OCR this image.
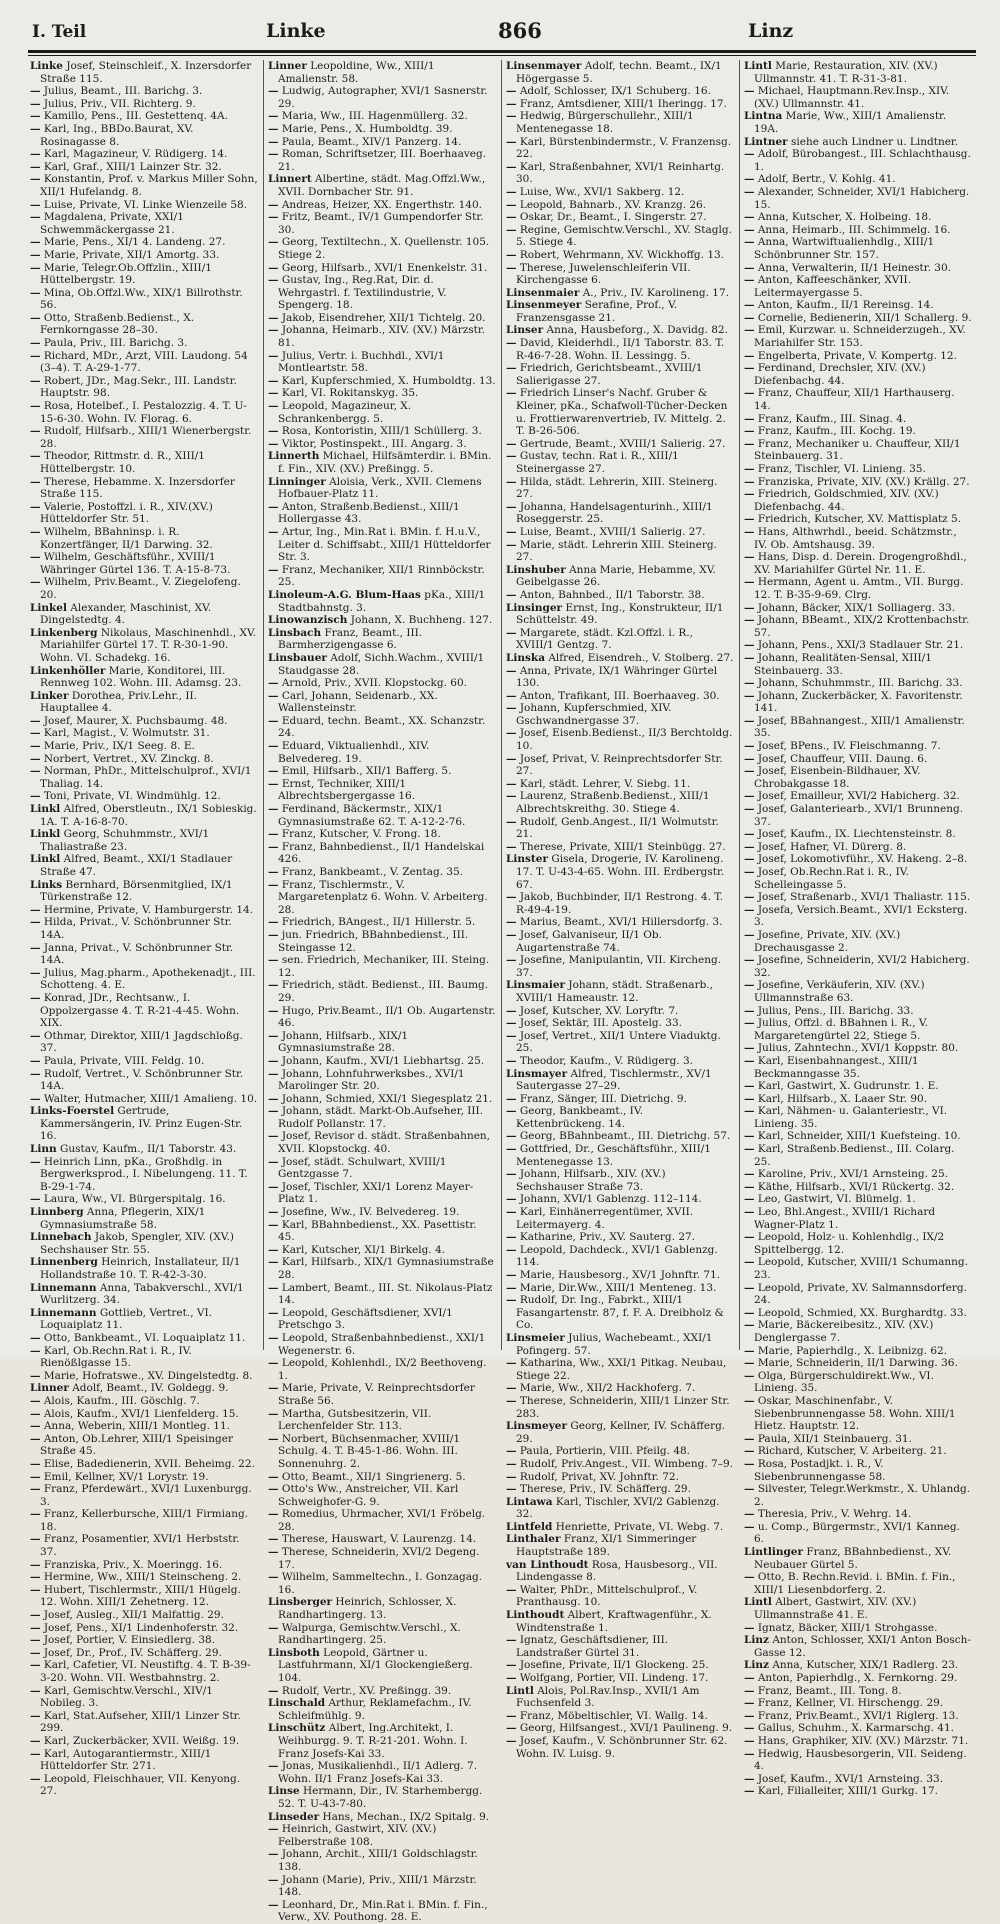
I. Teil	Linke	866	Linz

Linke Josef, Steinschleif., X. Inzersdorfer Straße 115.

— Julius, Beamt., III. Barichg. 3.

— Julius, Priv., VII. Richterg. 9.

— Kamillo, Pens., III. Gestettenq. 4A.

— Karl, Ing., BBDo.Baurat, XV. Rosinagasse 8.

— Karl, Magazineur, V. Rüdigerg. 14.

— Karl, Graf., XIII/1 Lainzer Str. 32.

— Konstantin, Prof. v. Markus Miller Sohn, XII/1 Hufelandg. 8.

— Luise, Private, VI. Linke Wienzeile 58.

— Magdalena, Private, XXI/1 Schwemmäckergasse 21.

— Marie, Pens., XI/1 4. Landeng. 27.

— Marie, Private, XII/1 Amortg. 33.

— Marie, Telegr.Ob.Offzlin., XIII/1 Hüttelbergstr. 19.

— Mina, Ob.Offzl.Ww., XIX/1 Billrothstr. 56.

— Otto, Straßenb.Bedienst., X. Fernkorngasse 28–30.

— Paula, Priv., III. Barichg. 3.

— Richard, MDr., Arzt, VIII. Laudong. 54 (3–4). T. A-29-1-77.

— Robert, JDr., Mag.Sekr., III. Landstr. Hauptstr. 98.

— Rosa, Hotelbef., I. Pestalozzig. 4. T. U-15-6-30. Wohn. IV. Florag. 6.

— Rudolf, Hilfsarb., XIII/1 Wienerbergstr. 28.

— Theodor, Rittmstr. d. R., XIII/1 Hüttelbergstr. 10.

— Therese, Hebamme. X. Inzersdorfer Straße 115.

— Valerie, Postoffzl. i. R., XIV.(XV.) Hütteldorfer Str. 51.

— Wilhelm, BBahninsp. i. R. Konzertfänger, II/1 Darwing. 32.

— Wilhelm, Geschäftsführ., XVIII/1 Währinger Gürtel 136. T. A-15-8-73.

— Wilhelm, Priv.Beamt., V. Ziegelofeng. 20.

Linkel Alexander, Maschinist, XV. Dingelstedtg. 4.

Linkenberg Nikolaus, Maschinenhdl., XV. Mariahilfer Gürtel 17. T. R-30-1-90. Wohn. VI. Schadekg. 16.

Linkenhöller Marie, Konditorei, III. Rennweg 102. Wohn. III. Adamsg. 23.

Linker Dorothea, Priv.Lehr., II. Hauptallee 4.

— Josef, Maurer, X. Puchsbaumg. 48.

— Karl, Magist., V. Wolmutstr. 31.

— Marie, Priv., IX/1 Seeg. 8. E.

— Norbert, Vertret., XV. Zinckg. 8.

— Norman, PhDr., Mittelschulprof., XVI/1 Thaliag. 14.

— Toni, Private, VI. Windmühlg. 12.

Linkl Alfred, Oberstleutn., IX/1 Sobieskig. 1A. T. A-16-8-70.

Linkl Georg, Schuhmmstr., XVI/1 Thaliastraße 23.

Linkl Alfred, Beamt., XXI/1 Stadlauer Straße 47.

Links Bernhard, Börsenmitglied, IX/1 Türkenstraße 12.

— Hermine, Private, V. Hamburgerstr. 14.

— Hilda, Privat., V. Schönbrunner Str. 14A.

— Janna, Privat., V. Schönbrunner Str. 14A.

— Julius, Mag.pharm., Apothekenadjt., III. Schotteng. 4. E.

— Konrad, JDr., Rechtsanw., I. Oppolzergasse 4. T. R-21-4-45. Wohn. XIX.

— Othmar, Direktor, XIII/1 Jagdschloßg. 37.

— Paula, Private, VIII. Feldg. 10.

— Rudolf, Vertret., V. Schönbrunner Str. 14A.

— Walter, Hutmacher, XIII/1 Amalieng. 10.

Links-Foerstel Gertrude, Kammersängerin, IV. Prinz Eugen-Str. 16.

Linn Gustav, Kaufm., II/1 Taborstr. 43.

— Heinrich Linn, pKa., Großhdlg. in Bergwerksprod., I. Nibelungeng. 11. T. B-29-1-74.

— Laura, Ww., VI. Bürgerspitalg. 16.

Linnberg Anna, Pflegerin, XIX/1 Gymnasiumstraße 58.

Linnebach Jakob, Spengler, XIV. (XV.) Sechshauser Str. 55.

Linnenberg Heinrich, Installateur, II/1 Hollandstraße 10. T. R-42-3-30.

Linnemann Anna, Tabakverschl., XVI/1 Wurlitzerg. 34.

Linnemann Gottlieb, Vertret., VI. Loquaiplatz 11.

— Otto, Bankbeamt., VI. Loquaiplatz 11.

— Karl, Ob.Rechn.Rat i. R., IV. Rienößlgasse 15.

— Marie, Hofratswe., XV. Dingelstedtg. 8.

Linner Adolf, Beamt., IV. Goldegg. 9.

— Alois, Kaufm., III. Göschlg. 7.

— Alois, Kaufm., XVI/1 Lienfelderg. 15.

— Anna, Weberin, XIII/1 Montleg. 11.

— Anton, Ob.Lehrer, XIII/1 Speisinger Straße 45.

— Elise, Badedienerin, XVII. Beheimg. 22.

— Emil, Kellner, XV/1 Lorystr. 19.

— Franz, Pferdewärt., XVI/1 Luxenburgg. 3.

— Franz, Kellerbursche, XIII/1 Firmiang. 18.

— Franz, Posamentier, XVI/1 Herbststr. 37.

— Franziska, Priv., X. Moeringg. 16.

— Hermine, Ww., XIII/1 Steinscheng. 2.

— Hubert, Tischlermstr., XIII/1 Hügelg. 12. Wohn. XIII/1 Zehetnerg. 12.

— Josef, Ausleg., XII/1 Malfattig. 29.

— Josef, Pens., XI/1 Lindenhoferstr. 32.

— Josef, Portier, V. Einsiedlerg. 38.

— Josef, Dr., Prof., IV. Schäfferg. 29.

— Karl, Cafetier, VI. Neustiftg. 4. T. B-39-3-20. Wohn. VII. Westbahnstrg. 2.

— Karl, Gemischtw.Verschl., XIV/1 Nobileg. 3.

— Karl, Stat.Aufseher, XIII/1 Linzer Str. 299.

— Karl, Zuckerbäcker, XVII. Weißg. 19.

— Karl, Autogarantiermstr., XIII/1 Hütteldorfer Str. 271.

— Leopold, Fleischhauer, VII. Kenyong. 27.

Linner Leopoldine, Ww., XIII/1 Amalienstr. 58.

— Ludwig, Autographer, XVI/1 Sasnerstr. 29.

— Maria, Ww., III. Hagenmüllerg. 32.

— Marie, Pens., X. Humboldtg. 39.

— Paula, Beamt., XIV/1 Panzerg. 14.

— Roman, Schriftsetzer, III. Boerhaaveg. 21.

Linnert Albertine, städt. Mag.Offzl.Ww., XVII. Dornbacher Str. 91.

— Andreas, Heizer, XX. Engerthstr. 140.

— Fritz, Beamt., IV/1 Gumpendorfer Str. 30.

— Georg, Textiltechn., X. Quellenstr. 105. Stiege 2.

— Georg, Hilfsarb., XVI/1 Enenkelstr. 31.

— Gustav, Ing., Reg.Rat, Dir. d. Wehrgastrl. f. Textilindustrie, V. Spengerg. 18.

— Jakob, Eisendreher, XII/1 Tichtelg. 20.

— Johanna, Heimarb., XIV. (XV.) Märzstr. 81.

— Julius, Vertr. i. Buchhdl., XVI/1 Montleartstr. 58.

— Karl, Kupferschmied, X. Humboldtg. 13.

— Karl, VI. Rokitanskyg. 35.

— Leopold, Magazineur, X. Schrankenbergg. 5.

— Rosa, Kontoristin, XIII/1 Schüllerg. 3.

— Viktor, Postinspekt., III. Angarg. 3.

Linnerth Michael, Hilfsämterdir. i. BMin. f. Fin., XIV. (XV.) Preßingg. 5.

Linninger Aloisia, Verk., XVII. Clemens Hofbauer-Platz 11.

— Anton, Straßenb.Bedienst., XIII/1 Hollergasse 43.

— Artur, Ing., Min.Rat i. BMin. f. H.u.V., Leiter d. Schiffsabt., XIII/1 Hütteldorfer Str. 3.

— Franz, Mechaniker, XII/1 Rinnböckstr. 25.

Linoleum-A.G. Blum-Haas pKa., XIII/1 Stadtbahnstg. 3.

Linowanzisch Johann, X. Buchheng. 127.

Linsbach Franz, Beamt., III. Barmherzigengasse 6.

Linsbauer Adolf, Sichh.Wachm., XVIII/1 Staudgasse 28.

— Arnold, Priv., XVII. Klopstockg. 60.

— Carl, Johann, Seidenarb., XX. Wallensteinstr.

— Eduard, techn. Beamt., XX. Schanzstr. 24.

— Eduard, Viktualienhdl., XIV. Belvedereg. 19.

— Emil, Hilfsarb., XII/1 Bafferg. 5.

— Ernst, Techniker, XIII/1 Albrechtsbergergasse 16.

— Ferdinand, Bäckermstr., XIX/1 Gymnasiumstraße 62. T. A-12-2-76.

— Franz, Kutscher, V. Frong. 18.

— Franz, Bahnbedienst., II/1 Handelskai 426.

— Franz, Bankbeamt., V. Zentag. 35.

— Franz, Tischlermstr., V. Margaretenplatz 6. Wohn. V. Arbeiterg. 28.

— Friedrich, BAngest., II/1 Hillerstr. 5.

— jun. Friedrich, BBahnbedienst., III. Steingasse 12.

— sen. Friedrich, Mechaniker, III. Steing. 12.

— Friedrich, städt. Bedienst., III. Baumg. 29.

— Hugo, Priv.Beamt., II/1 Ob. Augartenstr. 46.

— Johann, Hilfsarb., XIX/1 Gymnasiumstraße 28.

— Johann, Kaufm., XVI/1 Liebhartsg. 25.

— Johann, Lohnfuhrwerksbes., XVI/1 Marolinger Str. 20.

— Johann, Schmied, XXI/1 Siegesplatz 21.

— Johann, städt. Markt-Ob.Aufseher, III. Rudolf Pollanstr. 17.

— Josef, Revisor d. städt. Straßenbahnen, XVII. Klopstockg. 40.

— Josef, städt. Schulwart, XVIII/1 Gentzgasse 7.

— Josef, Tischler, XXI/1 Lorenz Mayer-Platz 1.

— Josefine, Ww., IV. Belvedereg. 19.

— Karl, BBahnbedienst., XX. Pasettistr. 45.

— Karl, Kutscher, XI/1 Birkelg. 4.

— Karl, Hilfsarb., XIX/1 Gymnasiumstraße 28.

— Lambert, Beamt., III. St. Nikolaus-Platz 14.

— Leopold, Geschäftsdiener, XVI/1 Pretschgo 3.

— Leopold, Straßenbahnbedienst., XXI/1 Wegenerstr. 6.

— Leopold, Kohlenhdl., IX/2 Beethoveng. 1.

— Marie, Private, V. Reinprechtsdorfer Straße 56.

— Martha, Gutsbesitzerin, VII. Lerchenfelder Str. 113.

— Norbert, Büchsenmacher, XVIII/1 Schulg. 4. T. B-45-1-86. Wohn. III. Sonnenuhrg. 2.

— Otto, Beamt., XII/1 Singrienerg. 5.

— Otto's Ww., Anstreicher, VII. Karl Schweighofer-G. 9.

— Romedius, Uhrmacher, XVI/1 Fröbelg. 28.

— Therese, Hauswart, V. Laurenzg. 14.

— Therese, Schneiderin, XVI/2 Degeng. 17.

— Wilhelm, Sammeltechn., I. Gonzagag. 16.

Linsberger Heinrich, Schlosser, X. Randhartingerg. 13.

— Walpurga, Gemischtw.Verschl., X. Randhartingerg. 25.

Linsboth Leopold, Gärtner u. Lastfuhrmann, XI/1 Glockengießerg. 104.

— Rudolf, Vertr., XV. Preßingg. 39.

Linschald Arthur, Reklamefachm., IV. Schleifmühlg. 9.

Linschütz Albert, Ing.Architekt, I. Weihburgg. 9. T. R-21-201. Wohn. I. Franz Josefs-Kai 33.

— Jonas, Musikalienhdl., II/1 Adlerg. 7. Wohn. II/1 Franz Josefs-Kai 33.

Linse Hermann, Dir., IV. Starhembergg. 52. T. U-43-7-80.

Linseder Hans, Mechan., IX/2 Spitalg. 9.

— Heinrich, Gastwirt, XIV. (XV.) Felberstraße 108.

— Johann, Archit., XIII/1 Goldschlagstr. 138.

— Johann (Marie), Priv., XIII/1 Märzstr. 148.

— Leonhard, Dr., Min.Rat i. BMin. f. Fin., Verw., XV. Pouthong. 28. E.

Linsenmayer Adolf, techn. Beamt., IX/1 Högergasse 5.

— Adolf, Schlosser, IX/1 Schuberg. 16.

— Franz, Amtsdiener, XIII/1 Iheringg. 17.

— Hedwig, Bürgerschullehr., XIII/1 Mentenegasse 18.

— Karl, Bürstenbindermstr., V. Franzensg. 22.

— Karl, Straßenbahner, XVI/1 Reinhartg. 30.

— Luise, Ww., XVI/1 Sakberg. 12.

— Leopold, Bahnarb., XV. Kranzg. 26.

— Oskar, Dr., Beamt., I. Singerstr. 27.

— Regine, Gemischtw.Verschl., XV. Staglg. 5. Stiege 4.

— Robert, Wehrmann, XV. Wickhoffg. 13.

— Therese, Juwelenschleiferin VII. Kirchengasse 6.

Linsenmaier A., Priv., IV. Karolineng. 17.

Linsenmeyer Serafine, Prof., V. Franzensgasse 21.

Linser Anna, Hausbeforg., X. Davidg. 82.

— David, Kleiderhdl., II/1 Taborstr. 83. T. R-46-7-28. Wohn. II. Lessingg. 5.

— Friedrich, Gerichtsbeamt., XVIII/1 Salierigasse 27.

— Friedrich Linser's Nachf. Gruber & Kleiner, pKa., Schafwoll-Tücher-Decken u. Frottierwarenvertrieb, IV. Mittelg. 2. T. B-26-506.

— Gertrude, Beamt., XVIII/1 Salierig. 27.

— Gustav, techn. Rat i. R., XIII/1 Steinergasse 27.

— Hilda, städt. Lehrerin, XIII. Steinerg. 27.

— Johanna, Handelsagenturinh., XIII/1 Roseggerstr. 25.

— Luise, Beamt., XVIII/1 Salierig. 27.

— Marie, städt. Lehrerin XIII. Steinerg. 27.

Linshuber Anna Marie, Hebamme, XV. Geibelgasse 26.

— Anton, Bahnbed., II/1 Taborstr. 38.

Linsinger Ernst, Ing., Konstrukteur, II/1 Schüttelstr. 49.

— Margarete, städt. Kzl.Offzl. i. R., XVIII/1 Gentzg. 7.

Linska Alfred, Eisendreh., V. Stolberg. 27.

— Anna, Private, IX/1 Währinger Gürtel 130.

— Anton, Trafikant, III. Boerhaaveg. 30.

— Johann, Kupferschmied, XIV. Gschwandnergasse 37.

— Josef, Eisenb.Bedienst., II/3 Berchtoldg. 10.

— Josef, Privat, V. Reinprechtsdorfer Str. 27.

— Karl, städt. Lehrer, V. Siebg. 11.

— Laurenz, Straßenb.Bedienst., XIII/1 Albrechtskreithg. 30. Stiege 4.

— Rudolf, Genb.Angest., II/1 Wolmutstr. 21.

— Therese, Private, XIII/1 Steinbügg. 27.

Linster Gisela, Drogerie, IV. Karolineng. 17. T. U-43-4-65. Wohn. III. Erdbergstr. 67.

— Jakob, Buchbinder, II/1 Restrong. 4. T. R-49-4-19.

— Marius, Beamt., XVI/1 Hillersdorfg. 3.

— Josef, Galvaniseur, II/1 Ob. Augartenstraße 74.

— Josefine, Manipulantin, VII. Kircheng. 37.

Linsmaier Johann, städt. Straßenarb., XVIII/1 Hameaustr. 12.

— Josef, Kutscher, XV. Loryftr. 7.

— Josef, Sektär, III. Apostelg. 33.

— Josef, Vertret., XII/1 Untere Viaduktg. 25.

— Theodor, Kaufm., V. Rüdigerg. 3.

Linsmayer Alfred, Tischlermstr., XV/1 Sautergasse 27–29.

— Franz, Sänger, III. Dietrichg. 9.

— Georg, Bankbeamt., IV. Kettenbrückeng. 14.

— Georg, BBahnbeamt., III. Dietrichg. 57.

— Gottfried, Dr., Geschäftsführ., XIII/1 Mentenegasse 13.

— Johann, Hilfsarb., XIV. (XV.) Sechshauser Straße 73.

— Johann, XVI/1 Gablenzg. 112–114.

— Karl, Einhänerregentümer, XVII. Leitermayerg. 4.

— Katharine, Priv., XV. Sauterg. 27.

— Leopold, Dachdeck., XVI/1 Gablenzg. 114.

— Marie, Hausbesorg., XV/1 Johnftr. 71.

— Marie, Dir.Ww., XIII/1 Menteneg. 13.

— Rudolf, Dr. Ing., Fabrkt., XIII/1 Fasangartenstr. 87, f. F. A. Dreibholz & Co.

Linsmeier Julius, Wachebeamt., XXI/1 Pofingerg. 57.

— Katharina, Ww., XXI/1 Pitkag. Neubau, Stiege 22.

— Marie, Ww., XII/2 Hackhoferg. 7.

— Therese, Schneiderin, XIII/1 Linzer Str. 283.

Linsmeyer Georg, Kellner, IV. Schäfferg. 29.

— Paula, Portierin, VIII. Pfeilg. 48.

— Rudolf, Priv.Angest., VII. Wimbeng. 7–9.

— Rudolf, Privat, XV. Johnftr. 72.

— Therese, Priv., IV. Schäfferg. 29.

Lintawa Karl, Tischler, XVI/2 Gablenzg. 32.

Lintfeld Henriette, Private, VI. Webg. 7.

Linthaler Franz, XI/1 Simmeringer Hauptstraße 189.

van Linthoudt Rosa, Hausbesorg., VII. Lindengasse 8.

— Walter, PhDr., Mittelschulprof., V. Pranthausg. 10.

Linthoudt Albert, Kraftwagenführ., X. Windtenstraße 1.

— Ignatz, Geschäftsdiener, III. Landstraßer Gürtel 31.

— Josefine, Private, II/1 Glockeng. 25.

— Wolfgang, Portier, VII. Lindeng. 17.

Lintl Alois, Pol.Rav.Insp., XVII/1 Am Fuchsenfeld 3.

— Franz, Möbeltischler, VI. Wallg. 14.

— Georg, Hilfsangest., XVI/1 Paulineng. 9.

— Josef, Kaufm., V. Schönbrunner Str. 62. Wohn. IV. Luisg. 9.

Lintl Marie, Restauration, XIV. (XV.) Ullmannstr. 41. T. R-31-3-81.

— Michael, Hauptmann.Rev.Insp., XIV. (XV.) Ullmannstr. 41.

Lintna Marie, Ww., XIII/1 Amalienstr. 19A.

Lintner siehe auch Lindner u. Lindtner.

— Adolf, Bürobangest., III. Schlachthausg. 1.

— Adolf, Bertr., V. Kohlg. 41.

— Alexander, Schneider, XVI/1 Habicherg. 15.

— Anna, Kutscher, X. Holbeing. 18.

— Anna, Heimarb., III. Schimmelg. 16.

— Anna, Wartwiftualienhdlg., XIII/1 Schönbrunner Str. 157.

— Anna, Verwalterin, II/1 Heinestr. 30.

— Anton, Kaffeeschänker, XVII. Leitermayergasse 5.

— Anton, Kaufm., II/1 Rereinsg. 14.

— Cornelie, Bedienerin, XII/1 Schallerg. 9.

— Emil, Kurzwar. u. Schneiderzugeh., XV. Mariahilfer Str. 153.

— Engelberta, Private, V. Kompertg. 12.

— Ferdinand, Drechsler, XIV. (XV.) Diefenbachg. 44.

— Franz, Chauffeur, XII/1 Harthauserg. 14.

— Franz, Kaufm., III. Sinag. 4.

— Franz, Kaufm., III. Kochg. 19.

— Franz, Mechaniker u. Chauffeur, XII/1 Steinbauerg. 31.

— Franz, Tischler, VI. Linieng. 35.

— Franziska, Private, XIV. (XV.) Krällg. 27.

— Friedrich, Goldschmied, XIV. (XV.) Diefenbachg. 44.

— Friedrich, Kutscher, XV. Mattisplatz 5.

— Hans, Althwrhdl., beeid. Schätzmstr., IV. Ob. Amtshausg. 39.

— Hans, Disp. d. Derein. Drogengroßhdl., XV. Mariahilfer Gürtel Nr. 11. E.

— Hermann, Agent u. Amtm., VII. Burgg. 12. T. B-35-9-69. Clrg.

— Johann, Bäcker, XIX/1 Solliagerg. 33.

— Johann, BBeamt., XIX/2 Krottenbachstr. 57.

— Johann, Pens., XXI/3 Stadlauer Str. 21.

— Johann, Realitäten-Sensal, XIII/1 Steinbauerg. 33.

— Johann, Schuhmmstr., III. Barichg. 33.

— Johann, Zuckerbäcker, X. Favoritenstr. 141.

— Josef, BBahnangest., XIII/1 Amalienstr. 35.

— Josef, BPens., IV. Fleischmanng. 7.

— Josef, Chauffeur, VIII. Daung. 6.

— Josef, Eisenbein-Bildhauer, XV. Chrobakgasse 18.

— Josef, Emailleur, XVI/2 Habicherg. 32.

— Josef, Galanteriearb., XVI/1 Brunneng. 37.

— Josef, Kaufm., IX. Liechtensteinstr. 8.

— Josef, Hafner, VI. Dürerg. 8.

— Josef, Lokomotivführ., XV. Hakeng. 2–8.

— Josef, Ob.Rechn.Rat i. R., IV. Schelleingasse 5.

— Josef, Straßenarb., XVI/1 Thaliastr. 115.

— Josefa, Versich.Beamt., XVI/1 Ecksterg. 3.

— Josefine, Private, XIV. (XV.) Drechausgasse 2.

— Josefine, Schneiderin, XVI/2 Habicherg. 32.

— Josefine, Verkäuferin, XIV. (XV.) Ullmannstraße 63.

— Julius, Pens., III. Barichg. 33.

— Julius, Offzl. d. BBahnen i. R., V. Margaretengürtel 22, Stiege 5.

— Julius, Zahntechn., XVI/1 Koppstr. 80.

— Karl, Eisenbahnangest., XIII/1 Beckmanngasse 35.

— Karl, Gastwirt, X. Gudrunstr. 1. E.

— Karl, Hilfsarb., X. Laaer Str. 90.

— Karl, Nähmen- u. Galanteriestr., VI. Linieng. 35.

— Karl, Schneider, XIII/1 Kuefsteing. 10.

— Karl, Straßenb.Bedienst., III. Colarg. 25.

— Karoline, Priv., XVI/1 Arnsteing. 25.

— Käthe, Hilfsarb., XVI/1 Rückertg. 32.

— Leo, Gastwirt, VI. Blümelg. 1.

— Leo, Bhl.Angest., XVIII/1 Richard Wagner-Platz 1.

— Leopold, Holz- u. Kohlenhdlg., IX/2 Spittelbergg. 12.

— Leopold, Kutscher, XVIII/1 Schumanng. 23.

— Leopold, Private, XV. Salmannsdorferg. 24.

— Leopold, Schmied, XX. Burghardtg. 33.

— Marie, Bäckereibesitz., XIV. (XV.) Denglergasse 7.

— Marie, Papierhdlg., X. Leibnizg. 62.

— Marie, Schneiderin, II/1 Darwing. 36.

— Olga, Bürgerschuldirekt.Ww., VI. Linieng. 35.

— Oskar, Maschinenfabr., V. Siebenbrunnengasse 58. Wohn. XIII/1 Hietz. Hauptstr. 12.

— Paula, XII/1 Steinbauerg. 31.

— Richard, Kutscher, V. Arbeiterg. 21.

— Rosa, Postadjkt. i. R., V. Siebenbrunnengasse 58.

— Silvester, Telegr.Werkmstr., X. Uhlandg. 2.

— Theresia, Priv., V. Wehrg. 14.

— u. Comp., Bürgermstr., XVI/1 Kanneg. 6.

Lintlinger Franz, BBahnbedienst., XV. Neubauer Gürtel 5.

— Otto, B. Rechn.Revid. i. BMin. f. Fin., XIII/1 Liesenbdorferg. 2.

Lintl Albert, Gastwirt, XIV. (XV.) Ullmannstraße 41. E.

— Ignatz, Bäcker, XIII/1 Strohgasse.

Linz Anton, Schlosser, XXI/1 Anton Bosch-Gasse 12.

Linz Anna, Kutscher, XIX/1 Radlerg. 23.

— Anton, Papierhdlg., X. Fernkorng. 29.

— Franz, Beamt., III. Tong. 8.

— Franz, Kellner, VI. Hirschengg. 29.

— Franz, Priv.Beamt., XVI/1 Riglerg. 13.

— Gallus, Schuhm., X. Karmarschg. 41.

— Hans, Graphiker, XIV. (XV.) Märzstr. 71.

— Hedwig, Hausbesorgerin, VII. Seideng. 4.

— Josef, Kaufm., XVI/1 Arnsteing. 33.

— Karl, Filialleiter, XIII/1 Gurkg. 17.
